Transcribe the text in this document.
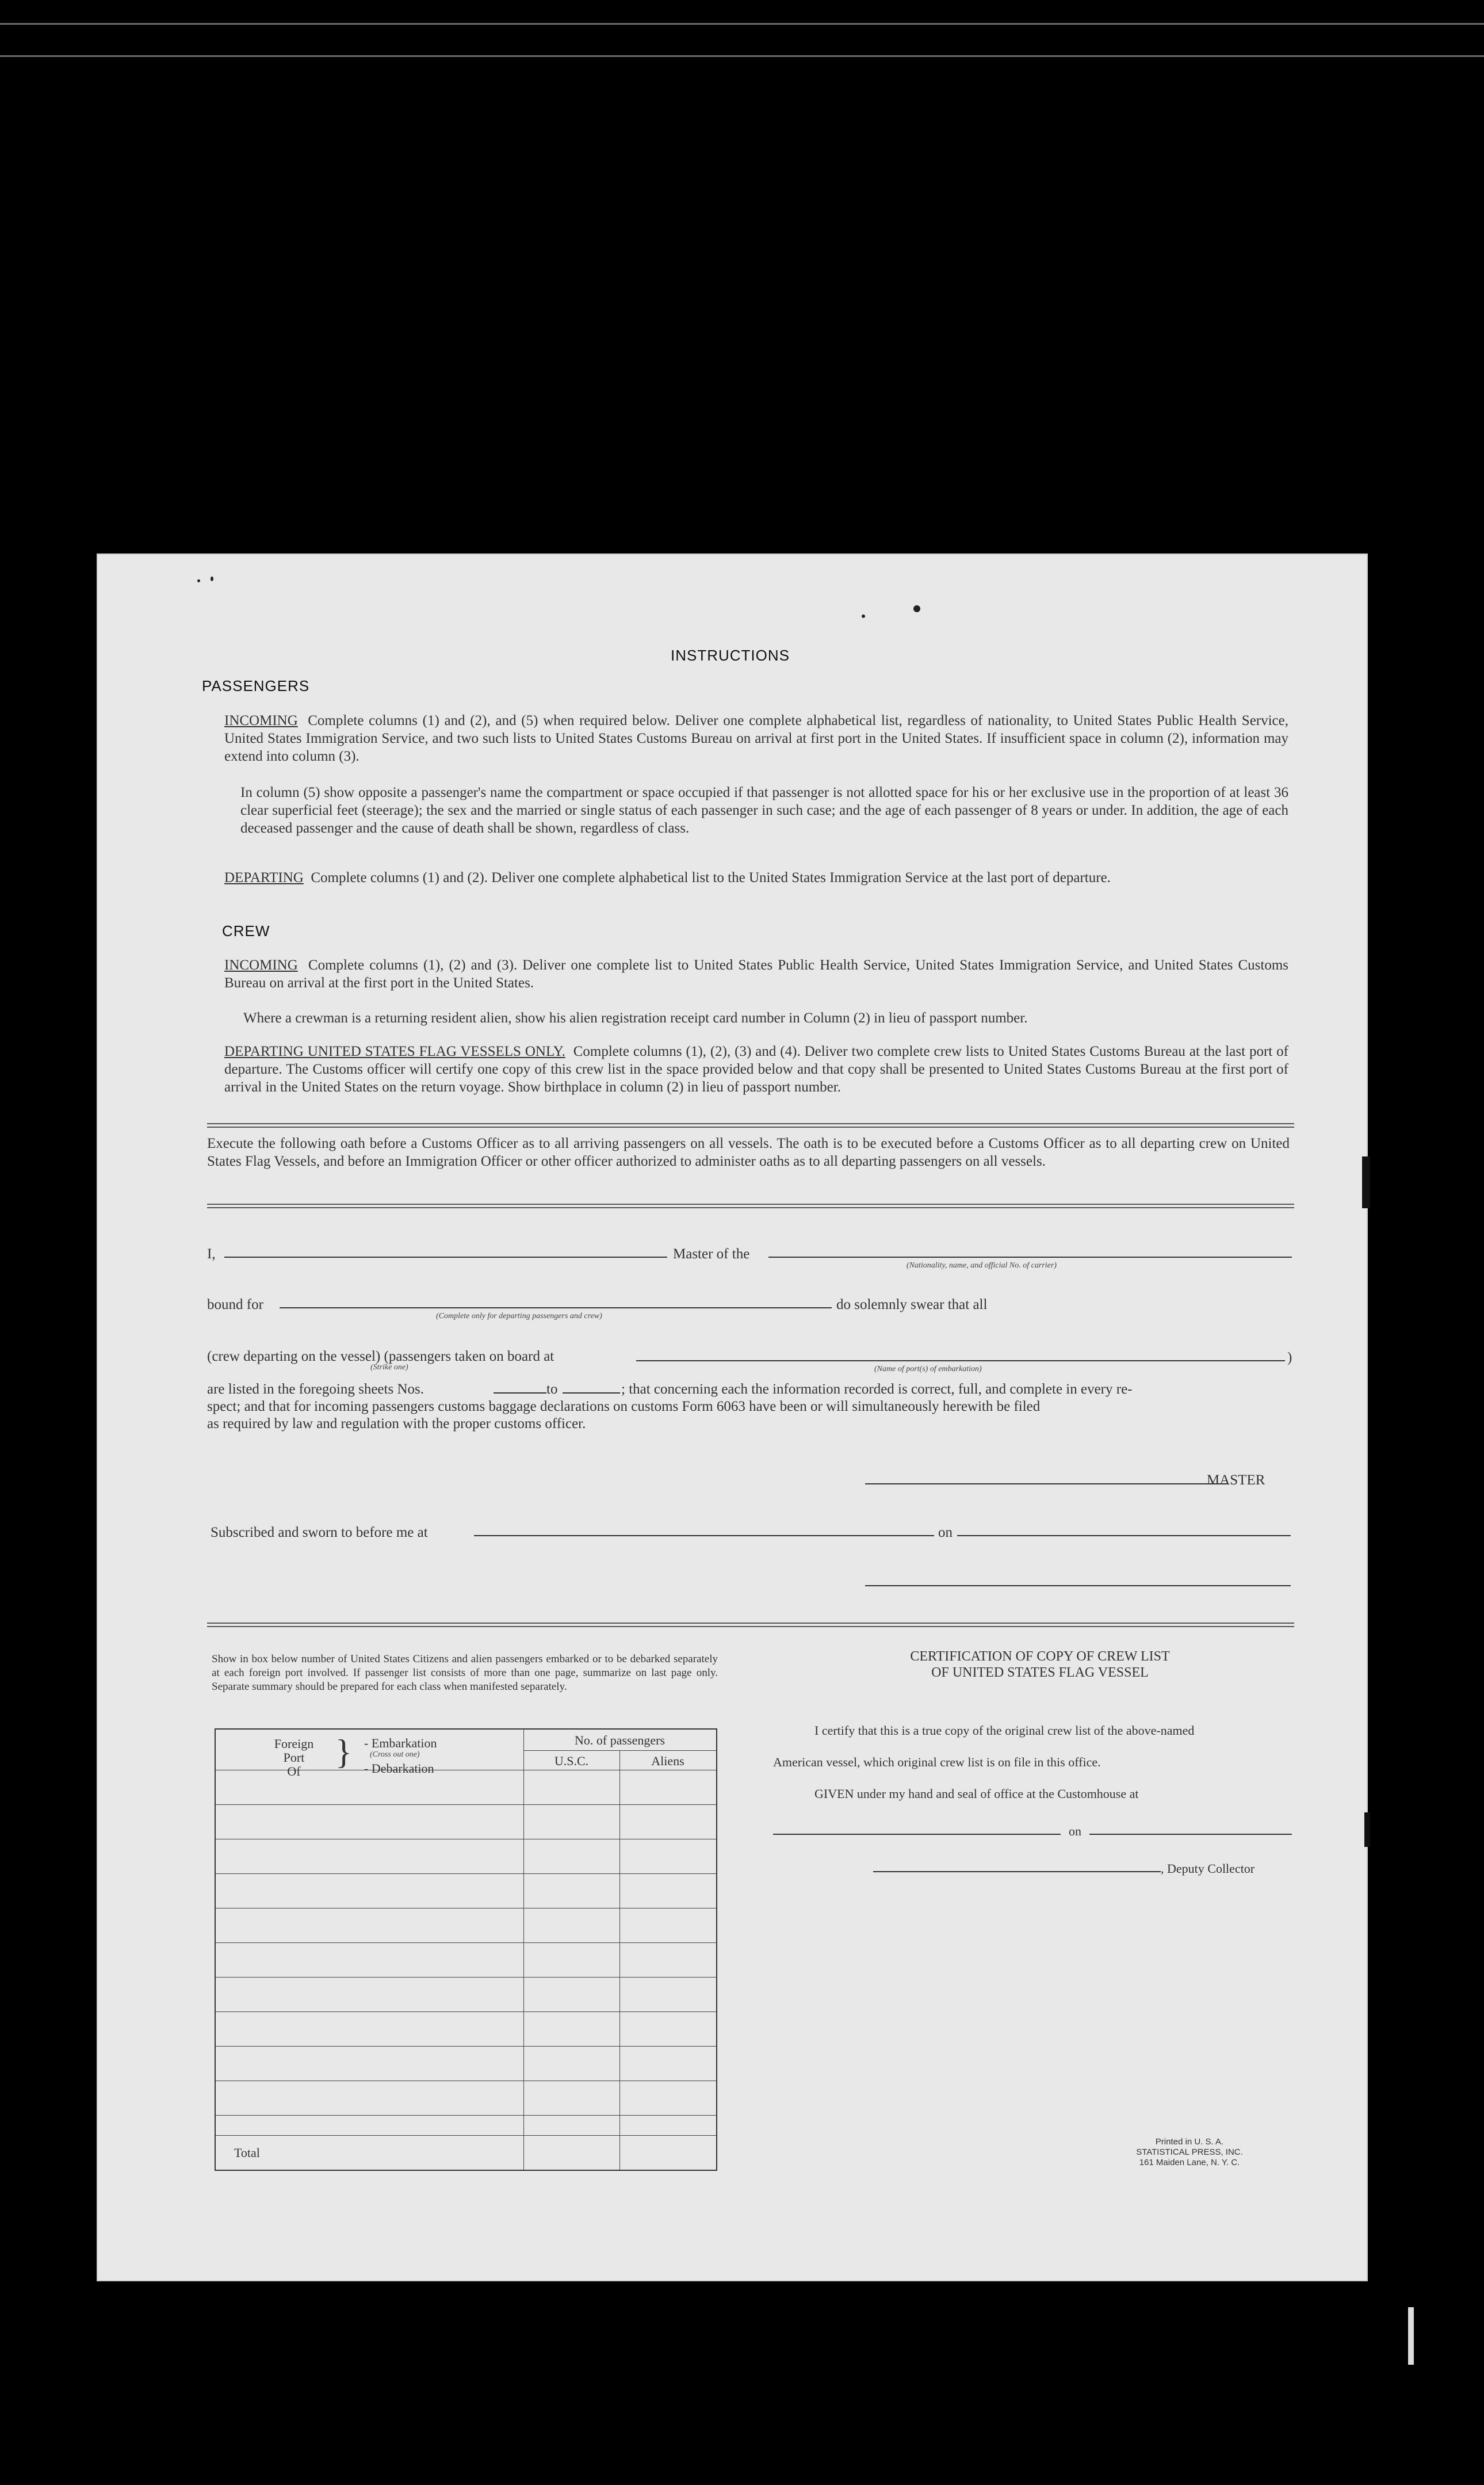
INSTRUCTIONS
PASSENGERS
INCOMING Complete columns (1) and (2), and (5) when required below. Deliver one complete alphabetical list, regardless of nationality, to United States Public Health Service, United States Immigration Service, and two such lists to United States Customs Bureau on arrival at first port in the United States. If insufficient space in column (2), information may extend into column (3).
In column (5) show opposite a passenger's name the compartment or space occupied if that passenger is not allotted space for his or her exclusive use in the proportion of at least 36 clear superficial feet (steerage); the sex and the married or single status of each passenger in such case; and the age of each passenger of 8 years or under. In addition, the age of each deceased passenger and the cause of death shall be shown, regardless of class.
DEPARTING Complete columns (1) and (2). Deliver one complete alphabetical list to the United States Immigration Service at the last port of departure.
CREW
INCOMING Complete columns (1), (2) and (3). Deliver one complete list to United States Public Health Service, United States Immigration Service, and United States Customs Bureau on arrival at the first port in the United States.
Where a crewman is a returning resident alien, show his alien registration receipt card number in Column (2) in lieu of passport number.
DEPARTING UNITED STATES FLAG VESSELS ONLY. Complete columns (1), (2), (3) and (4). Deliver two complete crew lists to United States Customs Bureau at the last port of departure. The Customs officer will certify one copy of this crew list in the space provided below and that copy shall be presented to United States Customs Bureau at the first port of arrival in the United States on the return voyage. Show birthplace in column (2) in lieu of passport number.
Execute the following oath before a Customs Officer as to all arriving passengers on all vessels. The oath is to be executed before a Customs Officer as to all departing crew on United States Flag Vessels, and before an Immigration Officer or other officer authorized to administer oaths as to all departing passengers on all vessels.
I,	Master of the
(Nationality, name, and official No. of carrier)
bound for
(Complete only for departing passengers and crew)
do solemnly swear that all
(crew departing on the vessel) (passengers taken on board at
(Strike one)	(Name of port(s) of embarkation)
)
are listed in the foregoing sheets Nos.	to	; that concerning each the information recorded is correct, full, and complete in every re-
spect; and that for incoming passengers customs baggage declarations on customs Form 6063 have been or will simultaneously herewith be filed
as required by law and regulation with the proper customs officer.
MASTER
Subscribed and sworn to before me at	on
Show in box below number of United States Citizens and alien passengers embarked or to be debarked separately at each foreign port involved. If passenger list consists of more than one page, summarize on last page only. Separate summary should be prepared for each class when manifested separately.
Foreign
Port
Of
} - Embarkation
(Cross out one)
- Debarkation
No. of passengers
U.S.C.	Aliens
Total
CERTIFICATION OF COPY OF CREW LIST
OF UNITED STATES FLAG VESSEL
I certify that this is a true copy of the original crew list of the above-named
American vessel, which original crew list is on file in this office.
GIVEN under my hand and seal of office at the Customhouse at
on
, Deputy Collector
Printed in U. S. A.
STATISTICAL PRESS, INC.
161 Maiden Lane, N. Y. C.
